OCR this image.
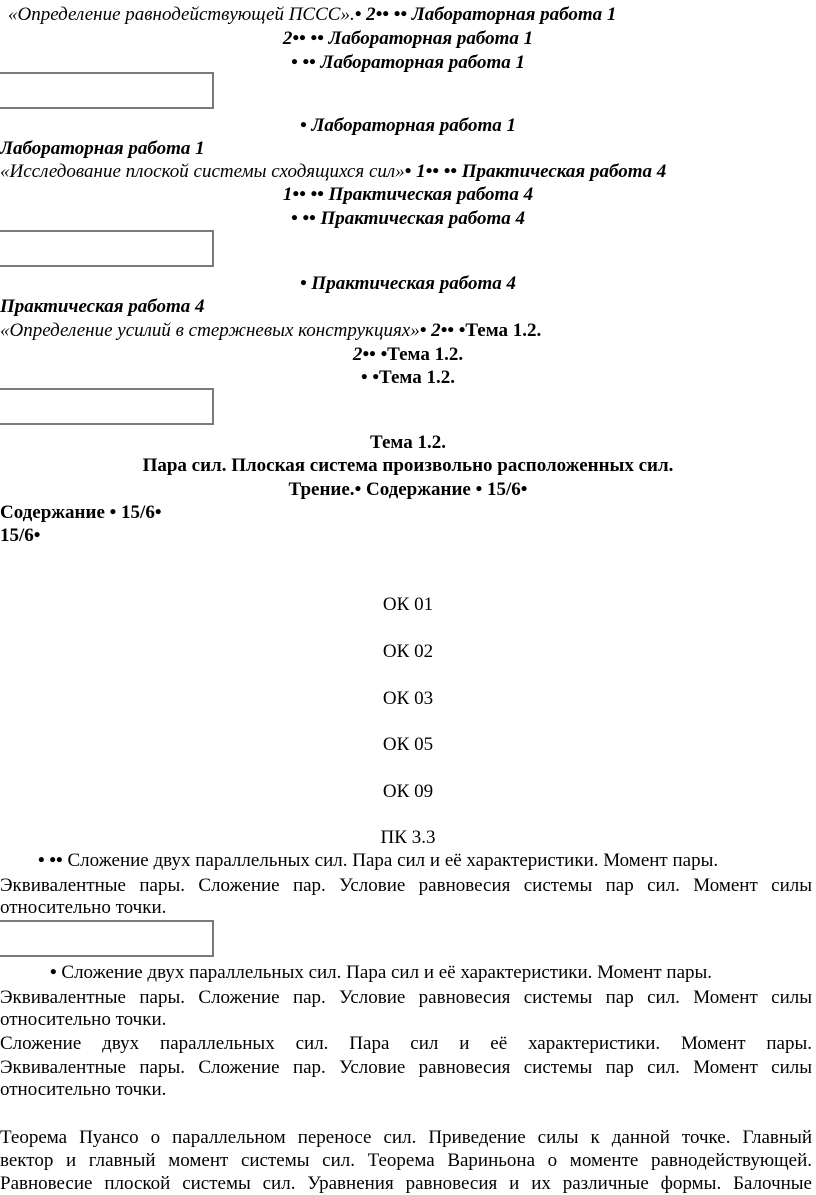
«Определение равнодействующей ПССС».• 2•• •• Лабораторная работа 1
2•• •• Лабораторная работа 1
• •• Лабораторная работа 1
• Лабораторная работа 1
Лабораторная работа 1
«Исследование плоской системы сходящихся сил»• 1•• •• Практическая работа 4
1•• •• Практическая работа 4
• •• Практическая работа 4
• Практическая работа 4
Практическая работа 4
«Определение усилий в стержневых конструкциях»• 2•• •Тема 1.2.
2•• •Тема 1.2.
• •Тема 1.2.
Тема 1.2.
Пара сил. Плоская система произвольно расположенных сил.
Трение.• Содержание • 15/6•
Содержание • 15/6•
15/6•
ОК 01
ОК 02
ОК 03
ОК 05
ОК 09
ПК 3.3
• •• Сложение двух параллельных сил. Пара сил и её характеристики. Момент пары.
Эквивалентные пары. Сложение пар. Условие равновесия системы пар сил. Момент силы
относительно точки.
• Сложение двух параллельных сил. Пара сил и её характеристики. Момент пары.
Эквивалентные пары. Сложение пар. Условие равновесия системы пар сил. Момент силы
относительно точки.
Сложение двух параллельных сил. Пара сил и её характеристики. Момент пары.
Эквивалентные пары. Сложение пар. Условие равновесия системы пар сил. Момент силы
относительно точки.
Теорема Пуансо о параллельном переносе сил. Приведение силы к данной точке. Главный
вектор и главный момент системы сил. Теорема Вариньона о моменте равнодействующей.
Равновесие плоской системы сил. Уравнения равновесия и их различные формы. Балочные
